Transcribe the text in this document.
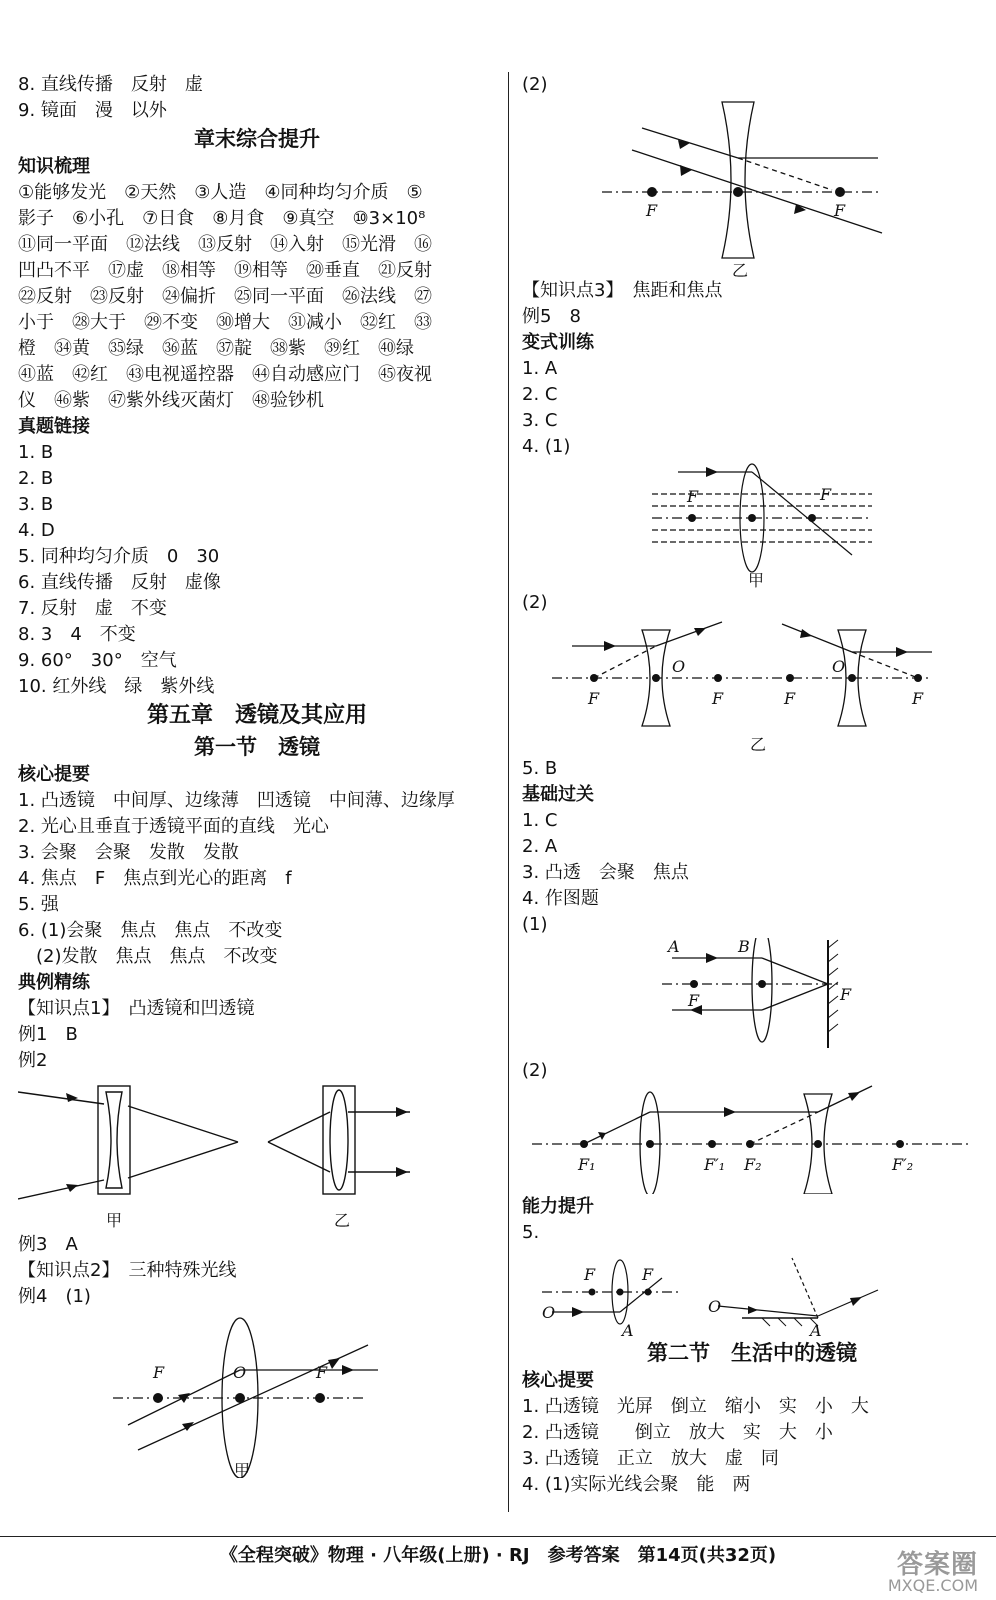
8. 直线传播　反射　虚
9. 镜面　漫　以外
章末综合提升
知识梳理
①能够发光　②天然　③人造　④同种均匀介质　⑤
影子　⑥小孔　⑦日食　⑧月食　⑨真空　⑩3×10⁸
⑪同一平面　⑫法线　⑬反射　⑭入射　⑮光滑　⑯
凹凸不平　⑰虚　⑱相等　⑲相等　⑳垂直　㉑反射
㉒反射　㉓反射　㉔偏折　㉕同一平面　㉖法线　㉗
小于　㉘大于　㉙不变　㉚增大　㉛减小　㉜红　㉝
橙　㉞黄　㉟绿　㊱蓝　㊲靛　㊳紫　㊴红　㊵绿
㊶蓝　㊷红　㊸电视遥控器　㊹自动感应门　㊺夜视
仪　㊻紫　㊼紫外线灭菌灯　㊽验钞机
真题链接
1. B
2. B
3. B
4. D
5. 同种均匀介质　0　30
6. 直线传播　反射　虚像
7. 反射　虚　不变
8. 3　4　不变
9. 60°　30°　空气
10. 红外线　绿　紫外线
第五章　透镜及其应用
第一节　透镜
核心提要
1. 凸透镜　中间厚、边缘薄　凹透镜　中间薄、边缘厚
2. 光心且垂直于透镜平面的直线　光心
3. 会聚　会聚　发散　发散
4. 焦点　F　焦点到光心的距离　f
5. 强
6. (1)会聚　焦点　焦点　不改变
　(2)发散　焦点　焦点　不改变
典例精练
【知识点1】　凸透镜和凹透镜
例1　B
例2
甲	乙
例3　A
【知识点2】　三种特殊光线
例4　(1)
F	O	F
甲
(2)
F	F
乙
【知识点3】　焦距和焦点
例5　8
变式训练
1. A
2. C
3. C
4. (1)
F	F
甲
(2)
O	O
F	F	F	F
乙
5. B
基础过关
1. C
2. A
3. 凸透　会聚　焦点
4. 作图题
(1)
A	B
F	F
(2)
F₁	F′₁ F₂	F′₂
能力提升
5.
F	F
O
A
O
A
第二节　生活中的透镜
核心提要
1. 凸透镜　光屏　倒立　缩小　实　小　大
2. 凸透镜　　倒立　放大　实　大　小
3. 凸透镜　正立　放大　虚　同
4. (1)实际光线会聚　能　两
《全程突破》物理 · 八年级(上册) · RJ　参考答案　第14页(共32页)	答案圈
MXQE.COM
